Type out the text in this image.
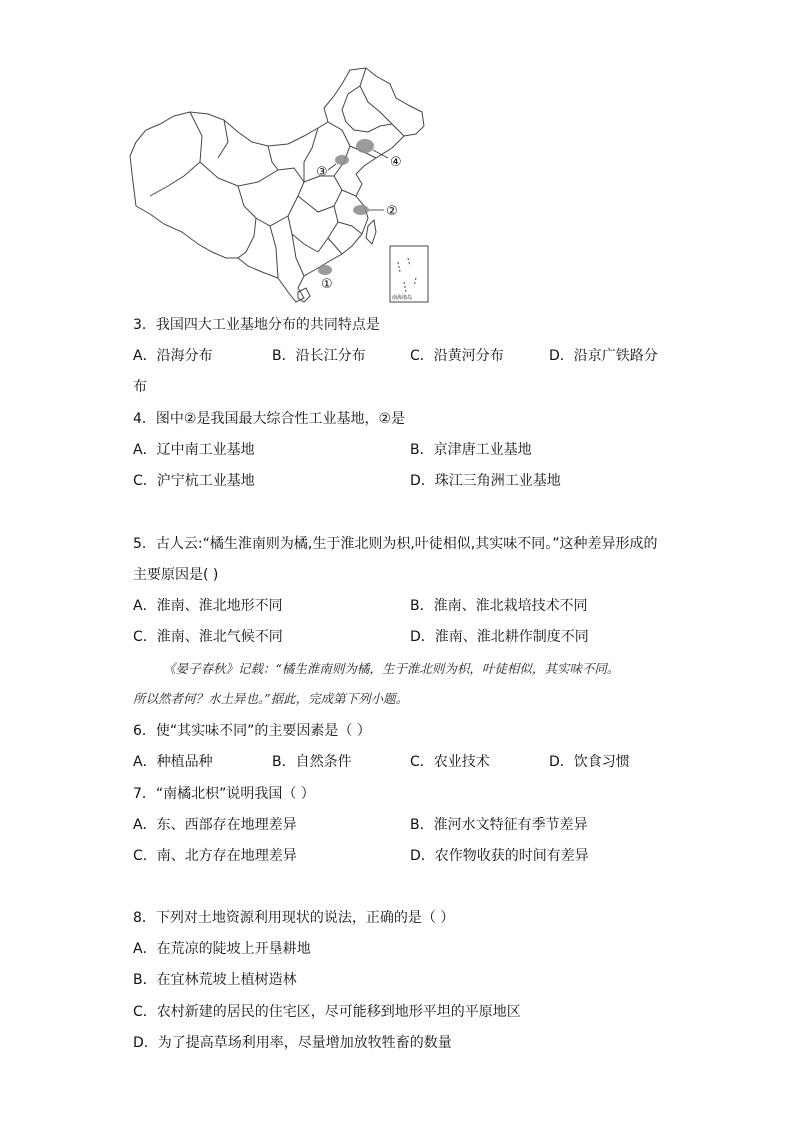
④
②
③
①
南海诸岛
3．我国四大工业基地分布的共同特点是
A．沿海分布	B．沿长江分布	C．沿黄河分布	D．沿京广铁路分
布
4．图中②是我国最大综合性工业基地，②是
A．辽中南工业基地	B．京津唐工业基地
C．沪宁杭工业基地	D．珠江三角洲工业基地
5．古人云:“橘生淮南则为橘,生于淮北则为枳,叶徒相似,其实味不同。”这种差异形成的
主要原因是( )
A．淮南、淮北地形不同	B．淮南、淮北栽培技术不同
C．淮南、淮北气候不同	D．淮南、淮北耕作制度不同
《晏子春秋》记载：“橘生淮南则为橘，生于淮北则为枳，叶徒相似，其实味不同。
所以然者何？水土异也。”据此，完成第下列小题。
6．使“其实味不同”的主要因素是（ ）
A．种植品种	B．自然条件	C．农业技术	D．饮食习惯
7．“南橘北枳”说明我国（ ）
A．东、西部存在地理差异	B．淮河水文特征有季节差异
C．南、北方存在地理差异	D．农作物收获的时间有差异
8．下列对土地资源利用现状的说法，正确的是（ ）
A．在荒凉的陡坡上开垦耕地
B．在宜林荒坡上植树造林
C．农村新建的居民的住宅区，尽可能移到地形平坦的平原地区
D．为了提高草场利用率，尽量增加放牧牲畜的数量
